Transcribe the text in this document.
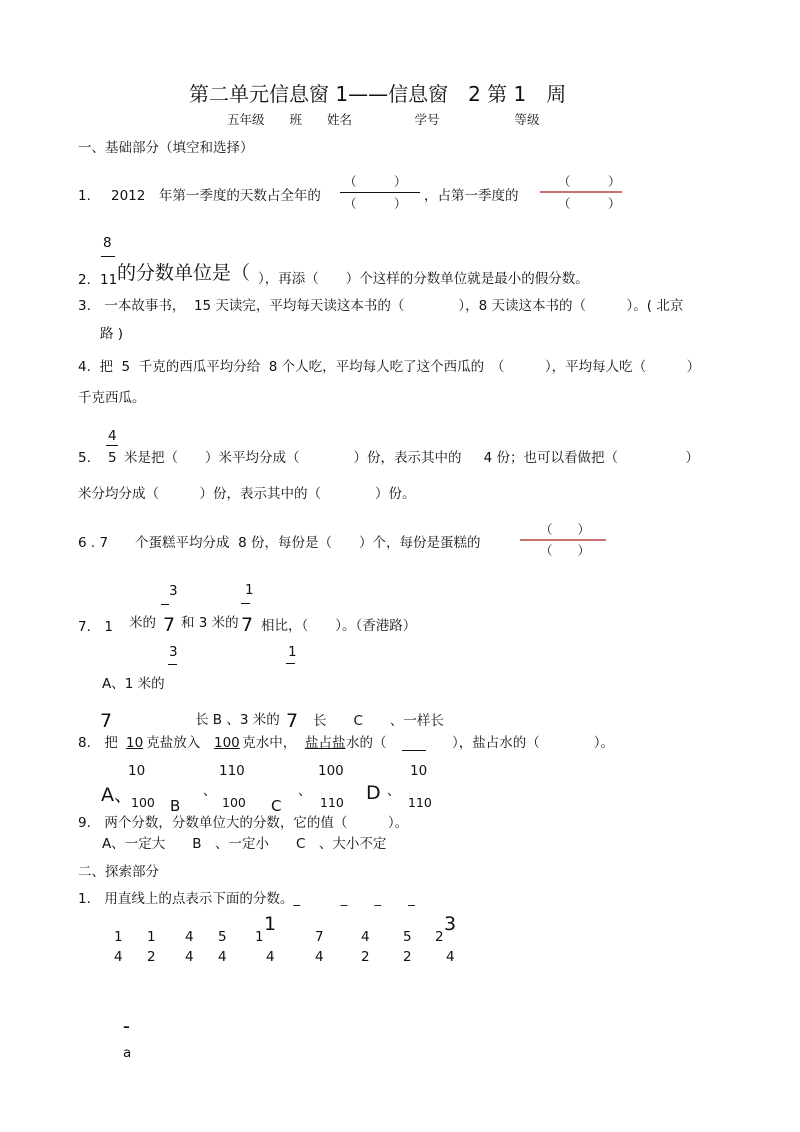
第二单元信息窗 1——信息窗　2 第 1　周
五年级　　班　　姓名　　　　　学号　　　　　　等级
一、基础部分（填空和选择）
1. 2012　年第一季度的天数占全年的
（　　　）
（　　　） ，占第一季度的
（　　　）
（　　　）
8
2. 11 的分数单位是（ ），再添（　　）个这样的分数单位就是最小的假分数。
3.　一本故事书，  15 天读完，平均每天读这本书的（　　　　），8 天读这本书的（　　　）。( 北京
路 )
4.  把  5  千克的西瓜平均分给  8 个人吃，平均每人吃了这个西瓜的　（　　　），平均每人吃（　　　）
千克西瓜。
4
5. 5 米是把（　　）米平均分成（　　　　）份，表示其中的　  4 份；也可以看做把（　　　　　）
米分均分成（　　　）份，表示其中的（　　　　）份。
6 . 7　　个蛋糕平均分成  8 份，每份是（　　）个，每份是蛋糕的
（　　）
（　　）
3	1
7.　1 米的 7 和 3 米的 7 相比，（　　）。（香港路）
3	1
A、1 米的
7	长 B 、3 米的 7 长　　C　　、一样长
8.　把 10
克盐放入 100
克水中， 盐占盐 水的（	），盐占水的（　　　　）。
10	110	100	10
A、
100 B
、
100 C
、
110 D 、
110
9.　两个分数，分数单位大的分数，它的值（　　　）。
A、一定大　　B　、一定小　　C　、大小不定
二、探索部分
1.　用直线上的点表示下面的分数。_　　　_　　_　　_
1	3
1 1 4 5 1	7	4 5 2
4 2 4 4	4	4	2 2	4
–
a
